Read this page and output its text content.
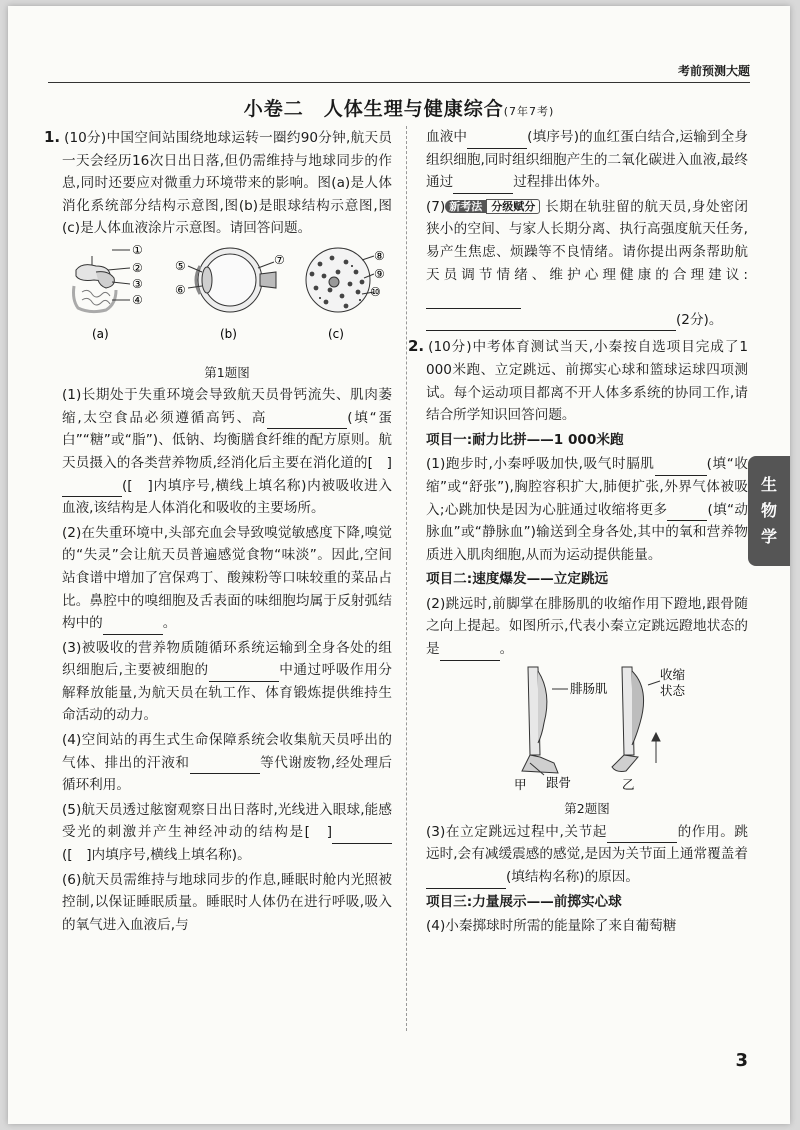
考前预测大题
小卷二　人体生理与健康综合(7年7考)
生
物
学

1. (10分)中国空间站围绕地球运转一圈约90分钟,航天员一天会经历16次日出日落,但仍需维持与地球同步的作息,同时还要应对微重力环境带来的影响。图(a)是人体消化系统部分结构示意图,图(b)是眼球结构示意图,图(c)是人体血液涂片示意图。请回答问题。

①
②
③
④
⑤
⑥
⑦	⑧
⑨
⑩
(a)	(b)	(c)
第1题图

(1)长期处于失重环境会导致航天员骨钙流失、肌肉萎缩,太空食品必须遵循高钙、高	(填“蛋白”“糖”或“脂”)、低钠、均衡膳食纤维的配方原则。航天员摄入的各类营养物质,经消化后主要在消化道的[　]([　]内填序号,横线上填名称)内被吸收进入血液,该结构是人体消化和吸收的主要场所。

(2)在失重环境中,头部充血会导致嗅觉敏感度下降,嗅觉的“失灵”会让航天员普遍感觉食物“味淡”。因此,空间站食谱中增加了宫保鸡丁、酸辣粉等口味较重的菜品占比。鼻腔中的嗅细胞及舌表面的味细胞均属于反射弧结构中的	。

(3)被吸收的营养物质随循环系统运输到全身各处的组织细胞后,主要被细胞的	中通过呼吸作用分解释放能量,为航天员在轨工作、体育锻炼提供维持生命活动的动力。

(4)空间站的再生式生命保障系统会收集航天员呼出的气体、排出的汗液和	等代谢废物,经处理后循环利用。

(5)航天员透过舷窗观察日出日落时,光线进入眼球,能感受光的刺激并产生神经冲动的结构是[　]([　]内填序号,横线上填名称)。

(6)航天员需维持与地球同步的作息,睡眠时舱内光照被控制,以保证睡眠质量。睡眠时人体仍在进行呼吸,吸入的氧气进入血液后,与

血液中	(填序号)的血红蛋白结合,运输到全身组织细胞,同时组织细胞产生的二氧化碳进入血液,最终通过	过程排出体外。

(7) 新考法 分级赋分 长期在轨驻留的航天员,身处密闭狭小的空间、与家人长期分离、执行高强度航天任务,易产生焦虑、烦躁等不良情绪。请你提出两条帮助航天员调节情绪、维护心理健康的合理建议:
(2分)。

2. (10分)中考体育测试当天,小秦按自选项目完成了1 000米跑、立定跳远、前掷实心球和篮球运球四项测试。每个运动项目都离不开人体多系统的协同工作,请结合所学知识回答问题。

项目一:耐力比拼——1 000米跑

(1)跑步时,小秦呼吸加快,吸气时膈肌	(填“收缩”或“舒张”),胸腔容积扩大,肺便扩张,外界气体被吸入;心跳加快是因为心脏通过收缩将更多	(填“动脉血”或“静脉血”)输送到全身各处,其中的氧和营养物质进入肌肉细胞,从而为运动提供能量。

项目二:速度爆发——立定跳远

(2)跳远时,前脚掌在腓肠肌的收缩作用下蹬地,跟骨随之向上提起。如图所示,代表小秦立定跳远蹬地状态的是	。

腓肠肌
跟骨
收缩
状态
甲	乙
第2题图

(3)在立定跳远过程中,关节起	的作用。跳远时,会有减缓震感的感觉,是因为关节面上通常覆盖着(填结构名称)的原因。

项目三:力量展示——前掷实心球

(4)小秦掷球时所需的能量除了来自葡萄糖

3
